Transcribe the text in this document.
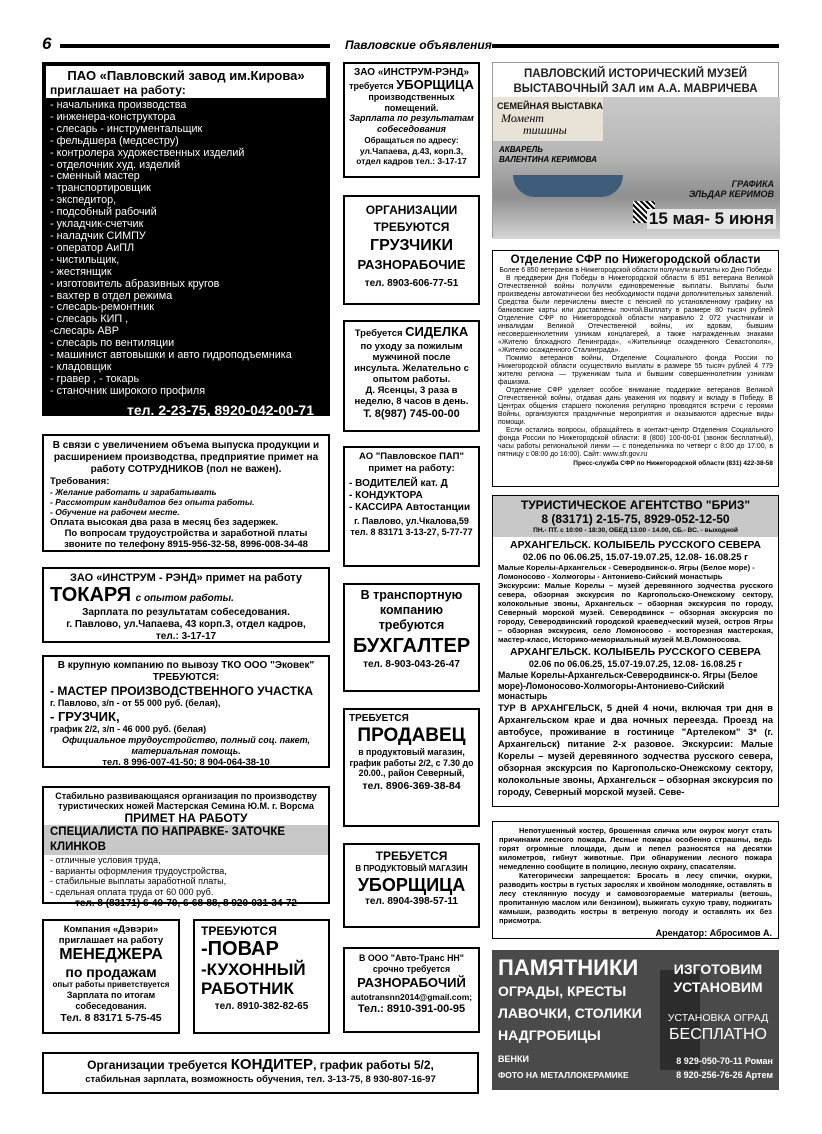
6	Павловские объявления
ПАО «Павловский завод им.Кирова»
приглашает на работу:
- начальника производства
- инженера-конструктора
- слесарь - инструментальщик
- фельдшера (медсестру)
- контролера художественных изделий
- отделочник худ. изделий
- сменный мастер
- транспортировщик
- экспедитор,
- подсобный рабочий
- укладчик-счетчик
- наладчик СИМПУ
- оператор АиПЛ
- чистильщик,
- жестянщик
- изготовитель абразивных кругов
- вахтер в отдел режима
- слесарь-ремонтник
- слесарь КИП ,
-слесарь АВР
- слесарь по вентиляции
- машинист автовышки и авто гидроподъемника
- кладовщик
- гравер , - токарь
- станочник широкого профиля
тел. 2-23-75, 8920-042-00-71
Обр. г. Павлово, ул. Маяковского, 77 отдел кадров
В связи с увеличением объема выпуска продукции и расширением производства, предприятие примет на работу СОТРУДНИКОВ (пол не важен).
Требования:
- Желание работать и зарабатывать
- Рассмотрим кандидатов без опыта работы.
- Обучение на рабочем месте.
Оплата высокая два раза в месяц без задержек.
По вопросам трудоустройства и заработной платы
звоните по телефону 8915-956-32-58, 8996-008-34-48
ЗАО «ИНСТРУМ - РЭНД» примет на работу
ТОКАРЯ с опытом работы.
Зарплата по результатам собеседования.
г. Павлово, ул.Чапаева, 43 корп.3, отдел кадров,
тел.: 3-17-17
В крупную компанию по вывозу ТКО ООО "Эковек"
ТРЕБУЮТСЯ:
- МАСТЕР ПРОИЗВОДСТВЕННОГО УЧАСТКА
г. Павлово, з/п - от 55 000 руб. (белая),
- ГРУЗЧИК,
график 2/2, з/п - 46 000 руб. (белая)
Официальное трудоустройство, полный соц. пакет, материальная помощь.
тел. 8 996-007-41-50; 8 904-064-38-10
Стабильно развивающаяся организация по производству туристических ножей Мастерская Семина Ю.М. г. Ворсма
ПРИМЕТ НА РАБОТУ
СПЕЦИАЛИСТА ПО НАПРАВКЕ- ЗАТОЧКЕ КЛИНКОВ
- отличные условия труда,
- варианты оформления трудоустройства,
- стабильные выплаты заработной платы,
- сдельная оплата труда от 60 000 руб.
тел. 8 (83171) 6-40-70, 6-68-88, 8 920-031-34-72
Компания «Дэвэри» приглашает на работу
МЕНЕДЖЕРА
по продажам
опыт работы приветствуется
Зарплата по итогам собеседования.
Тел. 8 83171 5-75-45
ТРЕБУЮТСЯ
-ПОВАР
-КУХОННЫЙ РАБОТНИК
тел. 8910-382-82-65
Организации требуется КОНДИТЕР, график работы 5/2,
стабильная зарплата, возможность обучения, тел. 3-13-75, 8 930-807-16-97
ЗАО «ИНСТРУМ-РЭНД»
требуется УБОРЩИЦА
производственных помещений.
Зарплата по результатам собеседования
Обращаться по адресу:
ул.Чапаева, д.43, корп.3, отдел кадров тел.: 3-17-17
ОРГАНИЗАЦИИ ТРЕБУЮТСЯ
ГРУЗЧИКИ
РАЗНОРАБОЧИЕ
тел. 8903-606-77-51
Требуется СИДЕЛКА
по уходу за пожилым мужчиной после инсульта. Желательно с опытом работы.
Д. Ясенцы, 3 раза в неделю, 8 часов в день.
Т. 8(987) 745-00-00
АО "Павловское ПАП" примет на работу:
- ВОДИТЕЛЕЙ кат. Д
- КОНДУКТОРА
- КАССИРА Автостанции
г. Павлово, ул.Чкалова,59
тел. 8 83171 3-13-27, 5-77-77
В транспортную компанию требуются
БУХГАЛТЕР
тел. 8-903-043-26-47
ТРЕБУЕТСЯ
ПРОДАВЕЦ
в продуктовый магазин, график работы 2/2, с 7.30 до 20.00., район Северный,
тел. 8906-369-38-84
ТРЕБУЕТСЯ
В ПРОДУКТОВЫЙ МАГАЗИН
УБОРЩИЦА
тел. 8904-398-57-11
В ООО "Авто-Транс НН" срочно требуется
РАЗНОРАБОЧИЙ
autotransnn2014@gmail.com;
Тел.: 8910-391-00-95
ПАВЛОВСКИЙ ИСТОРИЧЕСКИЙ МУЗЕЙ
ВЫСТАВОЧНЫЙ ЗАЛ им А.А. МАВРИЧЕВА
СЕМЕЙНАЯ ВЫСТАВКА
Момент
тишины
АКВАРЕЛЬ
ВАЛЕНТИНА КЕРИМОВА
ГРАФИКА
ЭЛЬДАР КЕРИМОВ
15 мая- 5 июня
Отделение СФР по Нижегородской области
Более 6 850 ветеранов в Нижегородской области получили выплаты ко Дню Победы
В преддверии Дня Победы в Нижегородской области 6 851 ветерана Великой Отечественной войны получили единовременные выплаты. Выплаты были произведены автоматически без необходимости подачи дополнительных заявлений. Средства были перечислены вместе с пенсией по установленному графику на банковские карты или доставлены почтой.Выплату в размере 80 тысяч рублей Отделение СФР по Нижегородской области направило 2 072 участникам и инвалидам Великой Отечественной войны, их вдовам, бывшим несовершеннолетним узникам концлагерей, а также награжденным знаками «Жителю блокадного Ленинграда», «Жительнице осажденного Севастополя», «Жителю осажденного Сталинграда».
Помимо ветеранов войны, Отделение Социального фонда России по Нижегородской области осуществило выплаты в размере 55 тысяч рублей 4 779 жителю региона — труженикам тыла и бывшим совершеннолетним узникам фашизма.
Отделение СФР уделяет особое внимание поддержке ветеранов Великой Отечественной войны, отдавая дань уважения их подвигу и вкладу в Победу. В Центрах общения старшего поколения регулярно проводятся встречи с героями Войны, организуются праздничные мероприятия и оказываются адресные виды помощи.
Если остались вопросы, обращайтесь в контакт-центр Отделения Социального фонда России по Нижегородской области: 8 (800) 100-00-01 (звонок бесплатный), часы работы региональной линии — с понедельника по четверг с 8:00 до 17:00, в пятницу с 08:00 до 16:00). Сайт: www.sfr.gov.ru
Пресс-служба СФР по Нижегородской области (831) 422-38-58
ТУРИСТИЧЕСКОЕ АГЕНТСТВО "БРИЗ"
8 (83171) 2-15-75, 8929-052-12-50
ПН.- ПТ. с 10:00 - 18:30, ОБЕД 13.00 - 14.00, СБ.- ВС. - выходной
АРХАНГЕЛЬСК. КОЛЫБЕЛЬ РУССКОГО СЕВЕРА
02.06 по 06.06.25, 15.07-19.07.25, 12.08- 16.08.25 г
Малые Корелы-Архангельск - Северодвинск-о. Ягры (Белое море) - Ломоносово - Холмогоры - Антониево-Сийский монастырь
Экскурсии: Малые Корелы – музей деревянного зодчества русского севера, обзорная экскурсия по Каргопольско-Онежскому сектору, колокольные звоны, Архангельск – обзорная экскурсия по городу, Северный морской музей. Северодвинск – обзорная экскурсия по городу, Северодвинский городской краеведческий музей, остров Ягры – обзорная экскурсия, село Ломоносово - косторезная мастерская, мастер-класс, Историко-мемориальный музей М.В.Ломоносова.
АРХАНГЕЛЬСК. КОЛЫБЕЛЬ РУССКОГО СЕВЕРА
02.06 по 06.06.25, 15.07-19.07.25, 12.08- 16.08.25 г
Малые Корелы-Архангельск-Северодвинск-о. Ягры (Белое море)-Ломоносово-Холмогоры-Антониево-Сийский монастырь
ТУР В АРХАНГЕЛЬСК, 5 дней 4 ночи, включая три дня в Архангельском крае и два ночных переезда. Проезд на автобусе, проживание в гостинице "Артелеком" 3* (г. Архангельск) питание 2-х разовое. Экскурсии: Малые Корелы – музей деревянного зодчества русского севера, обзорная экскурсия по Каргопольско-Онежскому сектору, колокольные звоны, Архангельск – обзорная экскурсия по городу, Северный морской музей. Севе-
Непотушенный костер, брошенная спичка или окурок могут стать причинами лесного пожара. Лесные пожары особенно страшны, ведь горят огромные площади, дым и пепел разносятся на десятки километров, гибнут животные. При обнаружении лесного пожара немедленно сообщите в полицию, лесную охрану, спасателям.
Категорически запрещается: Бросать в лесу спички, окурки, разводить костры в густых зарослях и хвойном молодняке, оставлять в лесу стеклянную посуду и самовозгораемые материалы (ветошь, пропитанную маслом или бензином), выжигать сухую траву, поджигать камыши, разводить костры в ветреную погоду и оставлять их без присмотра.
Арендатор: Абросимов А.
ПАМЯТНИКИ
ОГРАДЫ, КРЕСТЫ
ЛАВОЧКИ, СТОЛИКИ
НАДГРОБИЦЫ
ВЕНКИ
ФОТО НА МЕТАЛЛОКЕРАМИКЕ
ИЗГОТОВИМ
УСТАНОВИМ
УСТАНОВКА ОГРАД
БЕСПЛАТНО
8 929-050-70-11 Роман
8 920-256-76-26 Артем
